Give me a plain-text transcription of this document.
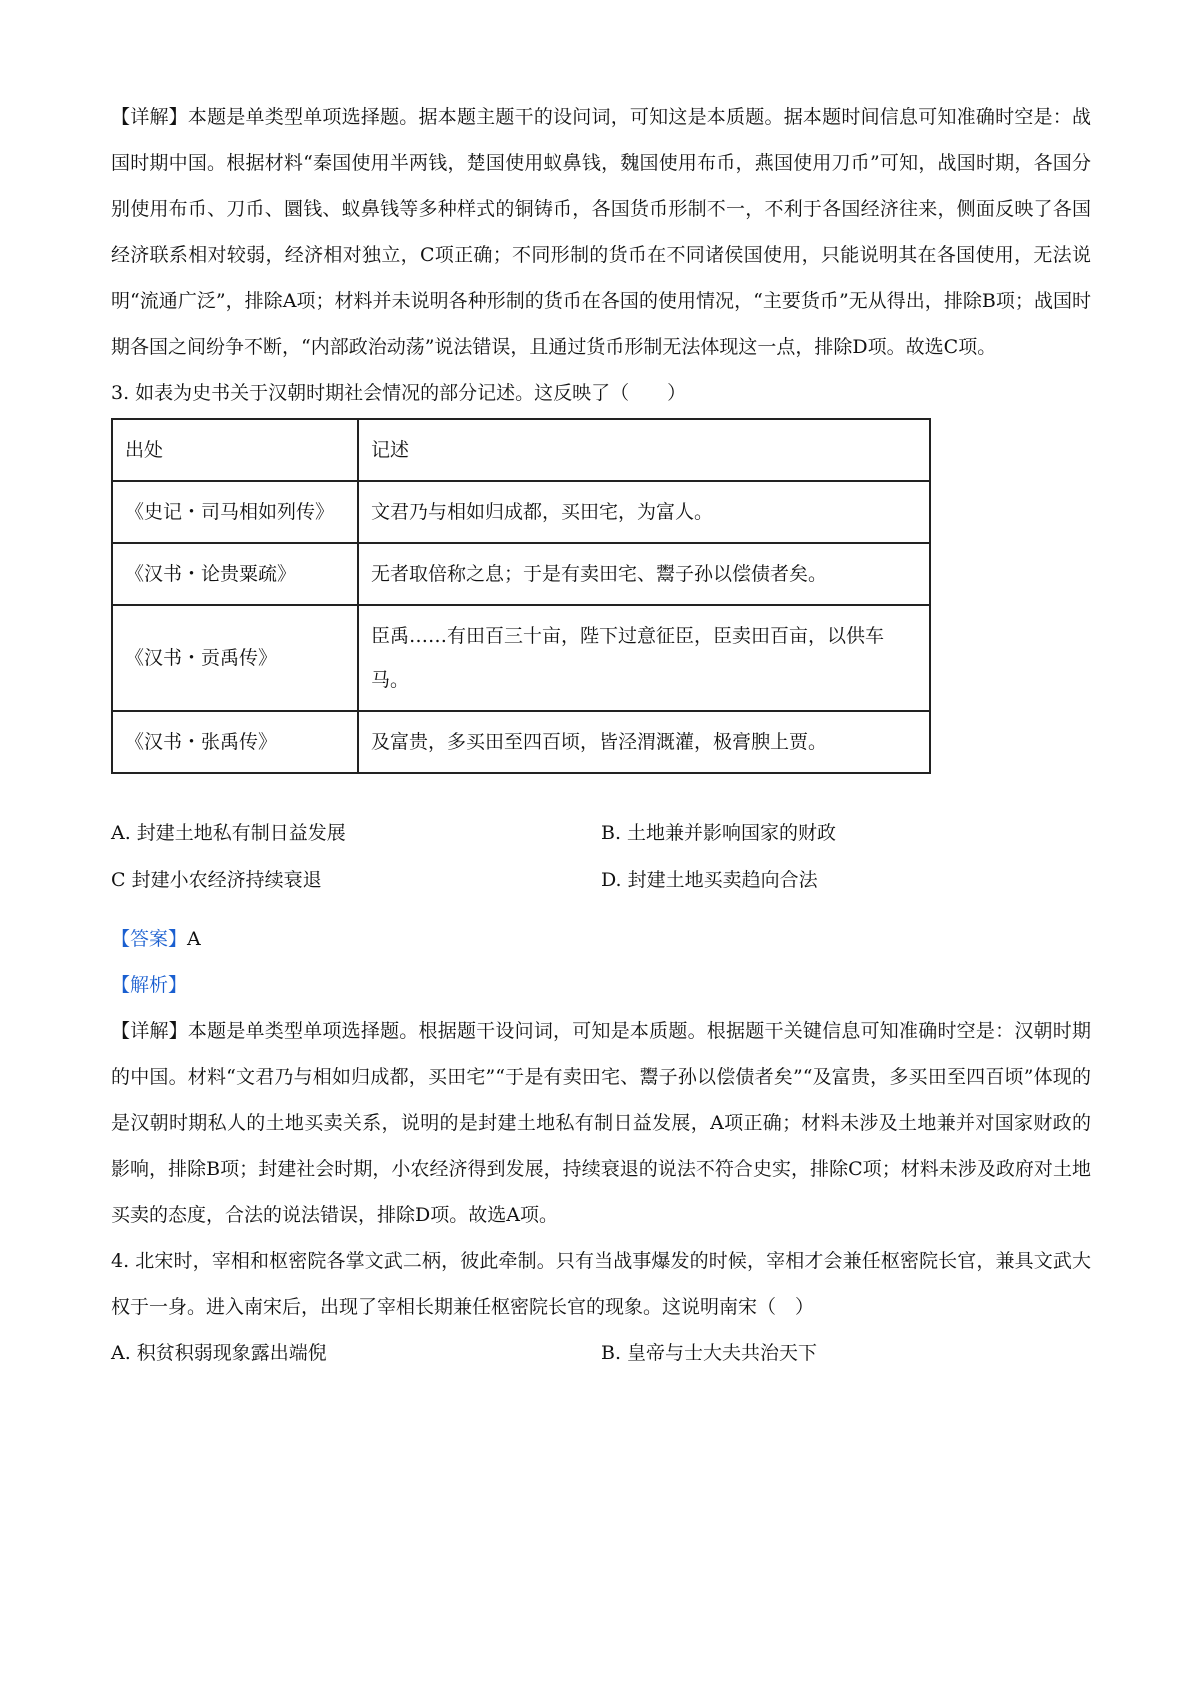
【详解】本题是单类型单项选择题。据本题主题干的设问词，可知这是本质题。据本题时间信息可知准确时空是：战国时期中国。根据材料“秦国使用半两钱，楚国使用蚁鼻钱，魏国使用布币，燕国使用刀币”可知，战国时期，各国分别使用布币、刀币、圜钱、蚁鼻钱等多种样式的铜铸币，各国货币形制不一，不利于各国经济往来，侧面反映了各国经济联系相对较弱，经济相对独立，C项正确；不同形制的货币在不同诸侯国使用，只能说明其在各国使用，无法说明“流通广泛”，排除A项；材料并未说明各种形制的货币在各国的使用情况，“主要货币”无从得出，排除B项；战国时期各国之间纷争不断，“内部政治动荡”说法错误，且通过货币形制无法体现这一点，排除D项。故选C项。

3. 如表为史书关于汉朝时期社会情况的部分记述。这反映了（　　）

出处	记述
《史记・司马相如列传》	文君乃与相如归成都，买田宅，为富人。
《汉书・论贵粟疏》	无者取倍称之息；于是有卖田宅、鬻子孙以偿债者矣。
《汉书・贡禹传》	臣禹……有田百三十亩，陛下过意征臣，臣卖田百亩，以供车马。
《汉书・张禹传》	及富贵，多买田至四百顷，皆泾渭溉灌，极膏腴上贾。
A. 封建土地私有制日益发展	B. 土地兼并影响国家的财政
C 封建小农经济持续衰退	D. 封建土地买卖趋向合法

【答案】A

【解析】

【详解】本题是单类型单项选择题。根据题干设问词，可知是本质题。根据题干关键信息可知准确时空是：汉朝时期的中国。材料“文君乃与相如归成都，买田宅”“于是有卖田宅、鬻子孙以偿债者矣”“及富贵，多买田至四百顷”体现的是汉朝时期私人的土地买卖关系，说明的是封建土地私有制日益发展，A项正确；材料未涉及土地兼并对国家财政的影响，排除B项；封建社会时期，小农经济得到发展，持续衰退的说法不符合史实，排除C项；材料未涉及政府对土地买卖的态度，合法的说法错误，排除D项。故选A项。

4. 北宋时，宰相和枢密院各掌文武二柄，彼此牵制。只有当战事爆发的时候，宰相才会兼任枢密院长官，兼具文武大权于一身。进入南宋后，出现了宰相长期兼任枢密院长官的现象。这说明南宋（　）

A. 积贫积弱现象露出端倪	B. 皇帝与士大夫共治天下
